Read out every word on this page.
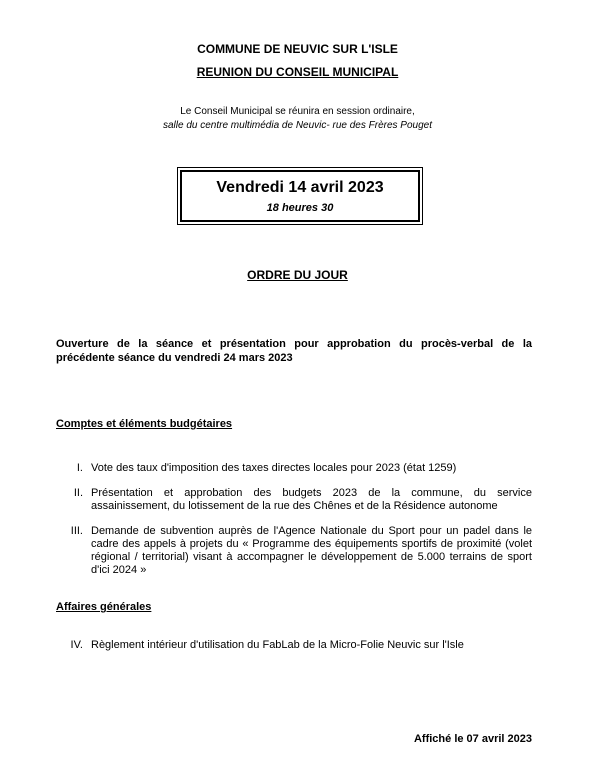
COMMUNE DE NEUVIC SUR L'ISLE
REUNION DU CONSEIL MUNICIPAL
Le Conseil Municipal se réunira en session ordinaire,
salle du centre multimédia de Neuvic- rue des Frères Pouget
Vendredi 14 avril 2023
18 heures 30
ORDRE DU JOUR
Ouverture de la séance et présentation pour approbation du procès-verbal de la précédente séance du vendredi 24 mars 2023
Comptes et éléments budgétaires
I. Vote des taux d'imposition des taxes directes locales pour 2023 (état 1259)
II. Présentation et approbation des budgets 2023 de la commune, du service assainissement, du lotissement de la rue des Chênes et de la Résidence autonome
III. Demande de subvention auprès de l'Agence Nationale du Sport pour un padel dans le cadre des appels à projets du « Programme des équipements sportifs de proximité (volet régional / territorial) visant à accompagner le développement de 5.000 terrains de sport d'ici 2024 »
Affaires générales
IV. Règlement intérieur d'utilisation du FabLab de la Micro-Folie Neuvic sur l'Isle
Affiché le 07 avril 2023
